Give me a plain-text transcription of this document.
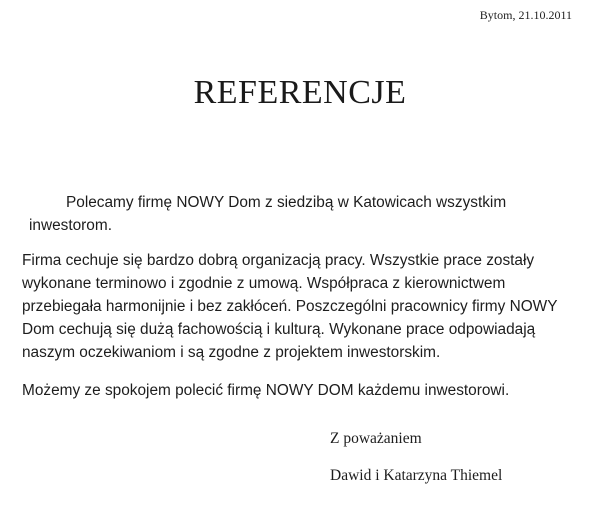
Bytom, 21.10.2011
REFERENCJE
Polecamy firmę NOWY Dom z siedzibą w Katowicach wszystkim
inwestorom.
Firma cechuje się bardzo dobrą organizacją pracy. Wszystkie prace zostały
wykonane terminowo i zgodnie z umową. Współpraca z kierownictwem
przebiegała harmonijnie i bez zakłóceń. Poszczególni pracownicy firmy NOWY
Dom cechują się dużą fachowością i kulturą. Wykonane prace odpowiadają
naszym oczekiwaniom i są zgodne z projektem inwestorskim.
Możemy ze spokojem polecić firmę NOWY DOM każdemu inwestorowi.
Z poważaniem
Dawid i Katarzyna Thiemel
